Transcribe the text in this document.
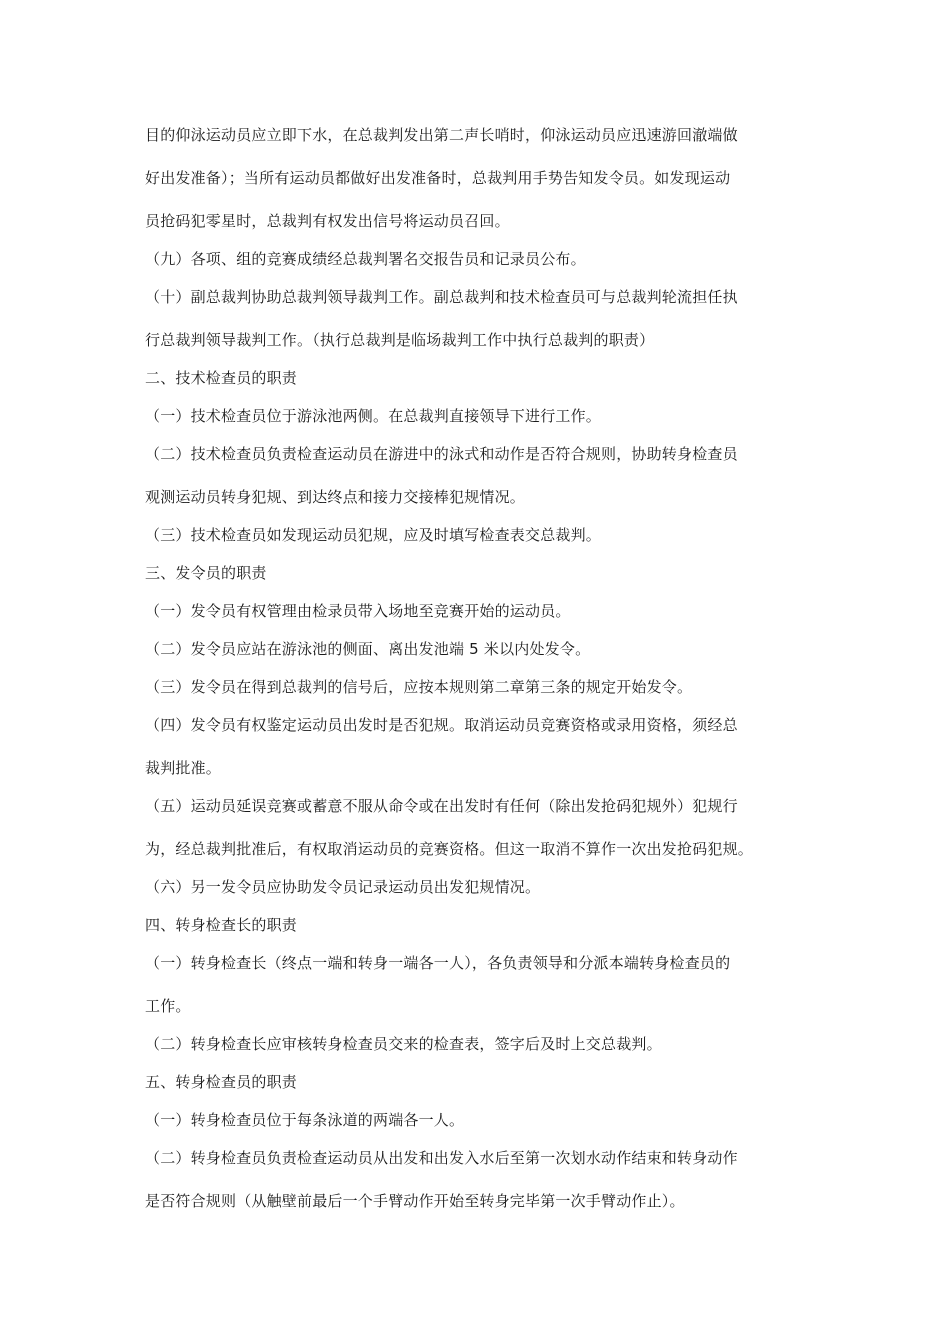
目的仰泳运动员应立即下水，在总裁判发出第二声长哨时，仰泳运动员应迅速游回澈端做
好出发准备）；当所有运动员都做好出发准备时，总裁判用手势告知发令员。如发现运动
员抢码犯零星时，总裁判有权发出信号将运动员召回。
（九）各项、组的竞赛成绩经总裁判署名交报告员和记录员公布。
（十）副总裁判协助总裁判领导裁判工作。副总裁判和技术检查员可与总裁判轮流担任执
行总裁判领导裁判工作。（执行总裁判是临场裁判工作中执行总裁判的职责）
二、技术检查员的职责
（一）技术检查员位于游泳池两侧。在总裁判直接领导下进行工作。
（二）技术检查员负责检查运动员在游进中的泳式和动作是否符合规则，协助转身检查员
观测运动员转身犯规、到达终点和接力交接棒犯规情况。
（三）技术检查员如发现运动员犯规，应及时填写检查表交总裁判。
三、发令员的职责
（一）发令员有权管理由检录员带入场地至竞赛开始的运动员。
（二）发令员应站在游泳池的侧面、离出发池端 5 米以内处发令。
（三）发令员在得到总裁判的信号后，应按本规则第二章第三条的规定开始发令。
（四）发令员有权鉴定运动员出发时是否犯规。取消运动员竞赛资格或录用资格，须经总
裁判批准。
（五）运动员延误竞赛或蓄意不服从命令或在出发时有任何（除出发抢码犯规外）犯规行
为，经总裁判批准后，有权取消运动员的竞赛资格。但这一取消不算作一次出发抢码犯规。
（六）另一发令员应协助发令员记录运动员出发犯规情况。
四、转身检查长的职责
（一）转身检查长（终点一端和转身一端各一人），各负责领导和分派本端转身检查员的
工作。
（二）转身检查长应审核转身检查员交来的检查表，签字后及时上交总裁判。
五、转身检查员的职责
（一）转身检查员位于每条泳道的两端各一人。
（二）转身检查员负责检查运动员从出发和出发入水后至第一次划水动作结束和转身动作
是否符合规则（从触壁前最后一个手臂动作开始至转身完毕第一次手臂动作止）。
